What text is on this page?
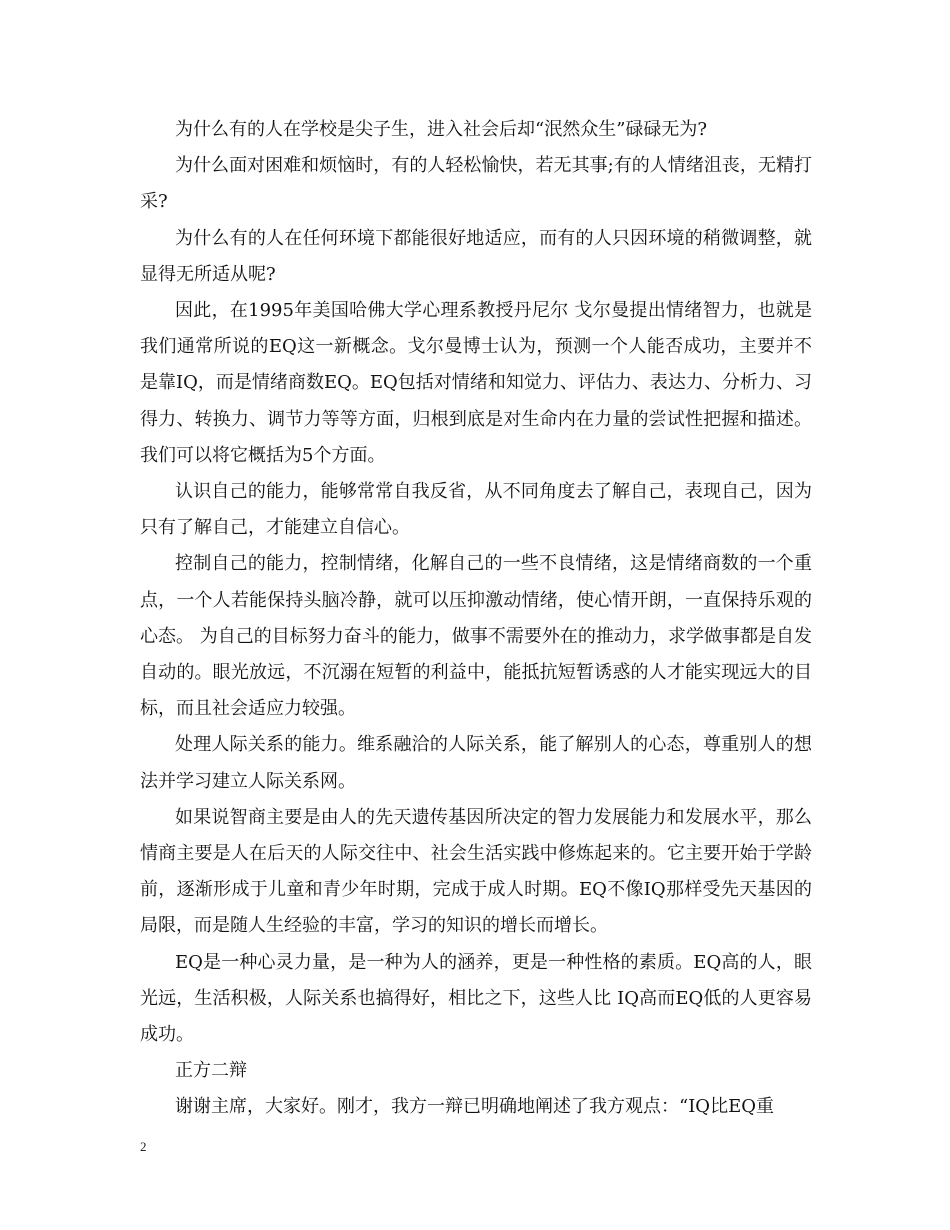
为什么有的人在学校是尖子生，进入社会后却“泯然众生”碌碌无为?

为什么面对困难和烦恼时，有的人轻松愉快，若无其事;有的人情绪沮丧，无精打采?

为什么有的人在任何环境下都能很好地适应，而有的人只因环境的稍微调整，就显得无所适从呢?

因此，在1995年美国哈佛大学心理系教授丹尼尔 戈尔曼提出情绪智力，也就是我们通常所说的EQ这一新概念。戈尔曼博士认为，预测一个人能否成功，主要并不是靠IQ，而是情绪商数EQ。EQ包括对情绪和知觉力、评估力、表达力、分析力、习得力、转换力、调节力等等方面，归根到底是对生命内在力量的尝试性把握和描述。我们可以将它概括为5个方面。

认识自己的能力，能够常常自我反省，从不同角度去了解自己，表现自己，因为只有了解自己，才能建立自信心。

控制自己的能力，控制情绪，化解自己的一些不良情绪，这是情绪商数的一个重点，一个人若能保持头脑冷静，就可以压抑激动情绪，使心情开朗，一直保持乐观的心态。 为自己的目标努力奋斗的能力，做事不需要外在的推动力，求学做事都是自发自动的。眼光放远，不沉溺在短暂的利益中，能抵抗短暂诱惑的人才能实现远大的目标，而且社会适应力较强。

处理人际关系的能力。维系融洽的人际关系，能了解别人的心态，尊重别人的想法并学习建立人际关系网。

如果说智商主要是由人的先天遗传基因所决定的智力发展能力和发展水平，那么情商主要是人在后天的人际交往中、社会生活实践中修炼起来的。它主要开始于学龄前，逐渐形成于儿童和青少年时期，完成于成人时期。EQ不像IQ那样受先天基因的局限，而是随人生经验的丰富，学习的知识的增长而增长。

EQ是一种心灵力量，是一种为人的涵养，更是一种性格的素质。EQ高的人，眼光远，生活积极，人际关系也搞得好，相比之下，这些人比 IQ高而EQ低的人更容易成功。

正方二辩

谢谢主席，大家好。刚才，我方一辩已明确地阐述了我方观点：“IQ比EQ重

2
